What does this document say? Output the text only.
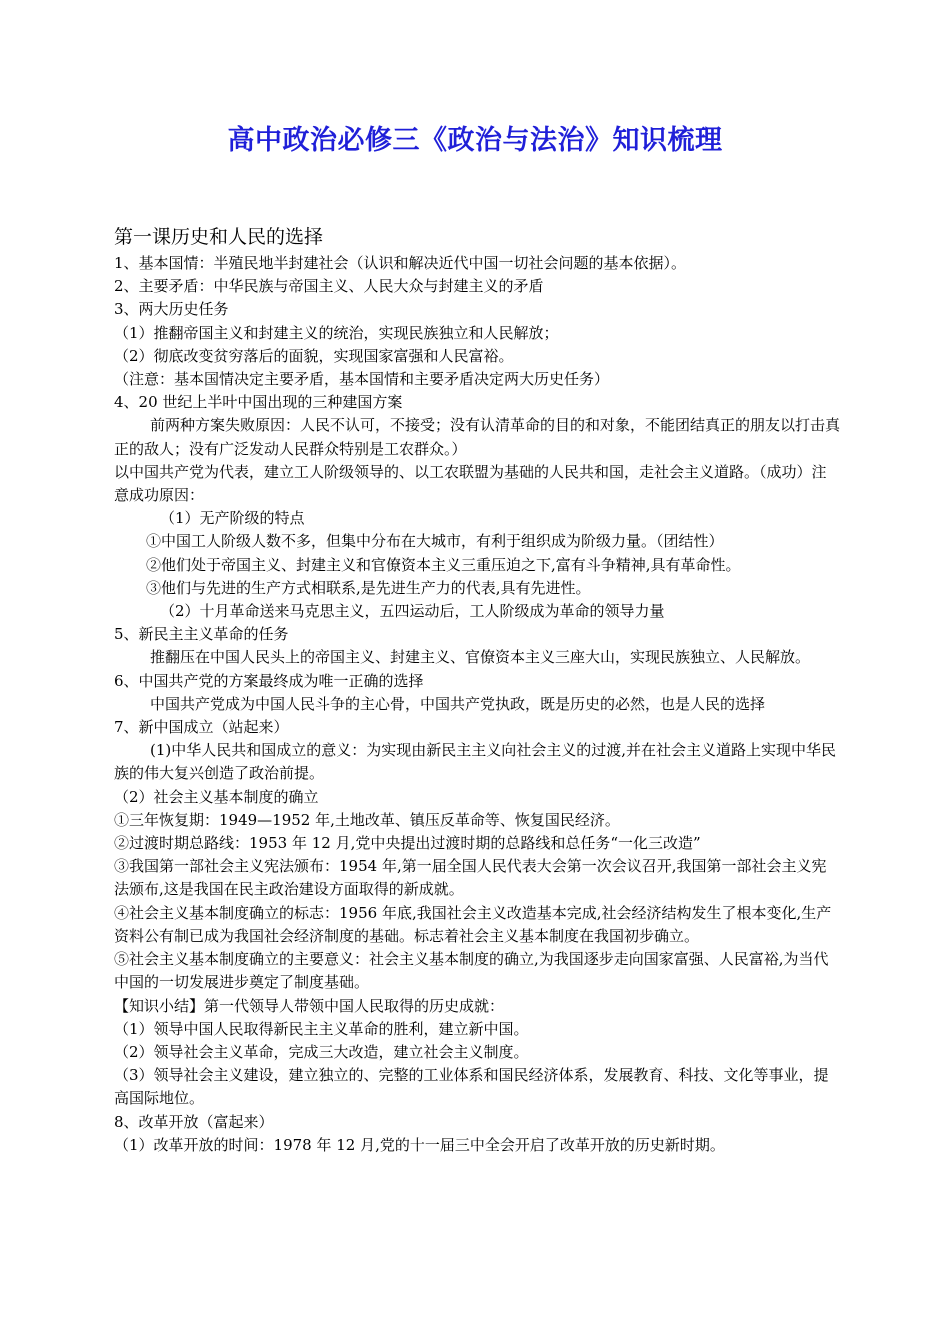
高中政治必修三《政治与法治》知识梳理
第一课历史和人民的选择

1、基本国情：半殖民地半封建社会（认识和解决近代中国一切社会问题的基本依据）。

2、主要矛盾：中华民族与帝国主义、人民大众与封建主义的矛盾

3、两大历史任务

（1）推翻帝国主义和封建主义的统治，实现民族独立和人民解放；

（2）彻底改变贫穷落后的面貌，实现国家富强和人民富裕。

（注意：基本国情决定主要矛盾，基本国情和主要矛盾决定两大历史任务）

4、20 世纪上半叶中国出现的三种建国方案

前两种方案失败原因：人民不认可，不接受；没有认清革命的目的和对象，不能团结真正的朋友以打击真正的敌人；没有广泛发动人民群众特别是工农群众。）

以中国共产党为代表，建立工人阶级领导的、以工农联盟为基础的人民共和国，走社会主义道路。（成功）注意成功原因：

（1）无产阶级的特点

①中国工人阶级人数不多，但集中分布在大城市，有利于组织成为阶级力量。（团结性）

②他们处于帝国主义、封建主义和官僚资本主义三重压迫之下,富有斗争精神,具有革命性。

③他们与先进的生产方式相联系,是先进生产力的代表,具有先进性。

（2）十月革命送来马克思主义，五四运动后，工人阶级成为革命的领导力量

5、新民主主义革命的任务

推翻压在中国人民头上的帝国主义、封建主义、官僚资本主义三座大山，实现民族独立、人民解放。

6、中国共产党的方案最终成为唯一正确的选择

中国共产党成为中国人民斗争的主心骨，中国共产党执政，既是历史的必然，也是人民的选择

7、新中国成立（站起来）

(1)中华人民共和国成立的意义：为实现由新民主主义向社会主义的过渡,并在社会主义道路上实现中华民族的伟大复兴创造了政治前提。

（2）社会主义基本制度的确立

①三年恢复期：1949—1952 年,土地改革、镇压反革命等、恢复国民经济。

②过渡时期总路线：1953 年 12 月,党中央提出过渡时期的总路线和总任务“一化三改造”

③我国第一部社会主义宪法颁布：1954 年,第一届全国人民代表大会第一次会议召开,我国第一部社会主义宪法颁布,这是我国在民主政治建设方面取得的新成就。

④社会主义基本制度确立的标志：1956 年底,我国社会主义改造基本完成,社会经济结构发生了根本变化,生产资料公有制已成为我国社会经济制度的基础。标志着社会主义基本制度在我国初步确立。

⑤社会主义基本制度确立的主要意义：社会主义基本制度的确立,为我国逐步走向国家富强、人民富裕,为当代中国的一切发展进步奠定了制度基础。

【知识小结】第一代领导人带领中国人民取得的历史成就：

（1）领导中国人民取得新民主主义革命的胜利，建立新中国。

（2）领导社会主义革命，完成三大改造，建立社会主义制度。

（3）领导社会主义建设，建立独立的、完整的工业体系和国民经济体系，发展教育、科技、文化等事业，提高国际地位。

8、改革开放（富起来）

（1）改革开放的时间：1978 年 12 月,党的十一届三中全会开启了改革开放的历史新时期。
